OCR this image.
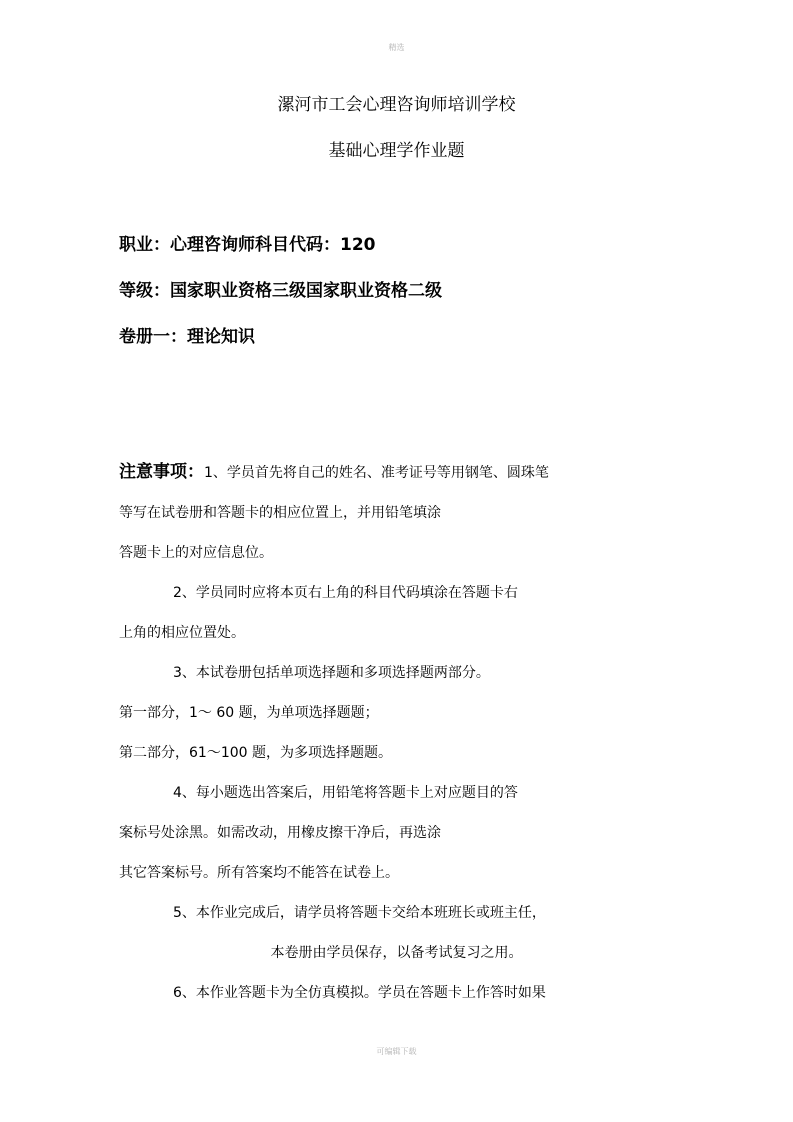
精选
漯河市工会心理咨询师培训学校
基础心理学作业题
职业：心理咨询师科目代码：120
等级：国家职业资格三级国家职业资格二级
卷册一：理论知识
注意事项：1、学员首先将自己的姓名、准考证号等用钢笔、圆珠笔
等写在试卷册和答题卡的相应位置上，并用铅笔填涂
答题卡上的对应信息位。
2、学员同时应将本页右上角的科目代码填涂在答题卡右
上角的相应位置处。
3、本试卷册包括单项选择题和多项选择题两部分。
第一部分，1～ 60 题，为单项选择题题；
第二部分，61～100 题，为多项选择题题。
4、每小题选出答案后，用铅笔将答题卡上对应题目的答
案标号处涂黑。如需改动，用橡皮擦干净后，再选涂
其它答案标号。所有答案均不能答在试卷上。
5、本作业完成后，请学员将答题卡交给本班班长或班主任，
本卷册由学员保存，以备考试复习之用。
6、本作业答题卡为全仿真模拟。学员在答题卡上作答时如果
可编辑下载
